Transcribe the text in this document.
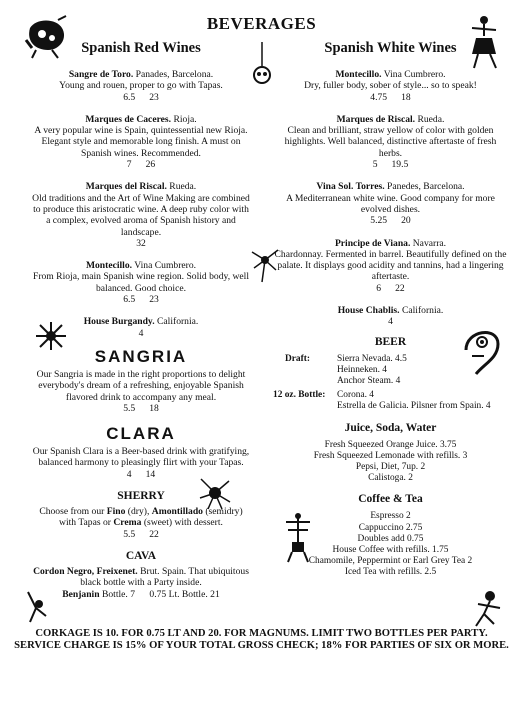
BEVERAGES
Spanish Red Wines
Sangre de Toro. Panades, Barcelona.
Young and rouen, proper to go with Tapas.
6.5 23
Marques de Caceres. Rioja.
A very popular wine is Spain, quintessential new Rioja. Elegant style and memorable long finish. A must on Spanish wines. Recommended.
7 26
Marques del Riscal. Rueda.
Old traditions and the Art of Wine Making are combined to produce this aristocratic wine. A deep ruby color with a complex, evolved aroma of Spanish history and landscape.
32
Montecillo. Vina Cumbrero.
From Rioja, main Spanish wine region. Solid body, well balanced. Good choice.
6.5 23
House Burgandy. California.
4
SANGRIA
Our Sangria is made in the right proportions to delight everybody's dream of a refreshing, enjoyable Spanish flavored drink to accompany any meal.
5.5 18
CLARA
Our Spanish Clara is a Beer-based drink with gratifying, balanced harmony to pleasingly flirt with your Tapas.
4 14
SHERRY
Choose from our Fino (dry), Amontillado (semidry) with Tapas or Crema (sweet) with dessert.
5.5 22
CAVA
Cordon Negro, Freixenet. Brut. Spain. That ubiquitous black bottle with a Party inside.
Benjanin Bottle. 7      0.75 Lt. Bottle. 21
Spanish White Wines
Montecillo. Vina Cumbrero.
Dry, fuller body, sober of style... so to speak!
4.75 18
Marques de Riscal. Rueda.
Clean and brilliant, straw yellow of color with golden highlights. Well balanced, distinctive aftertaste of fresh herbs.
5 19.5
Vina Sol. Torres. Panedes, Barcelona.
A Mediterranean white wine. Good company for more evolved dishes.
5.25 20
Principe de Viana. Navarra.
Chardonnay. Fermented in barrel. Beautifully defined on the palate. It displays good acidity and tannins, had a lingering aftertaste.
6 22
House Chablis. California.
4
BEER
Draft:	Sierra Nevada. 4.5
Heinneken. 4
Anchor Steam. 4
12 oz. Bottle:	Corona. 4
Estrella de Galicia. Pilsner from Spain. 4
Juice, Soda, Water
Fresh Squeezed Orange Juice. 3.75
Fresh Squeezed Lemonade with refills. 3
Pepsi, Diet, 7up. 2
Calistoga. 2
Coffee & Tea
Espresso 2
Cappuccino 2.75
Doubles add 0.75
House Coffee with refills. 1.75
Chamomile, Peppermint or Earl Grey Tea 2
Iced Tea with refills. 2.5
CORKAGE IS 10. FOR 0.75 LT AND 20. FOR MAGNUMS. LIMIT TWO BOTTLES PER PARTY.
SERVICE CHARGE IS 15% OF YOUR TOTAL GROSS CHECK; 18% FOR PARTIES OF SIX OR MORE.
